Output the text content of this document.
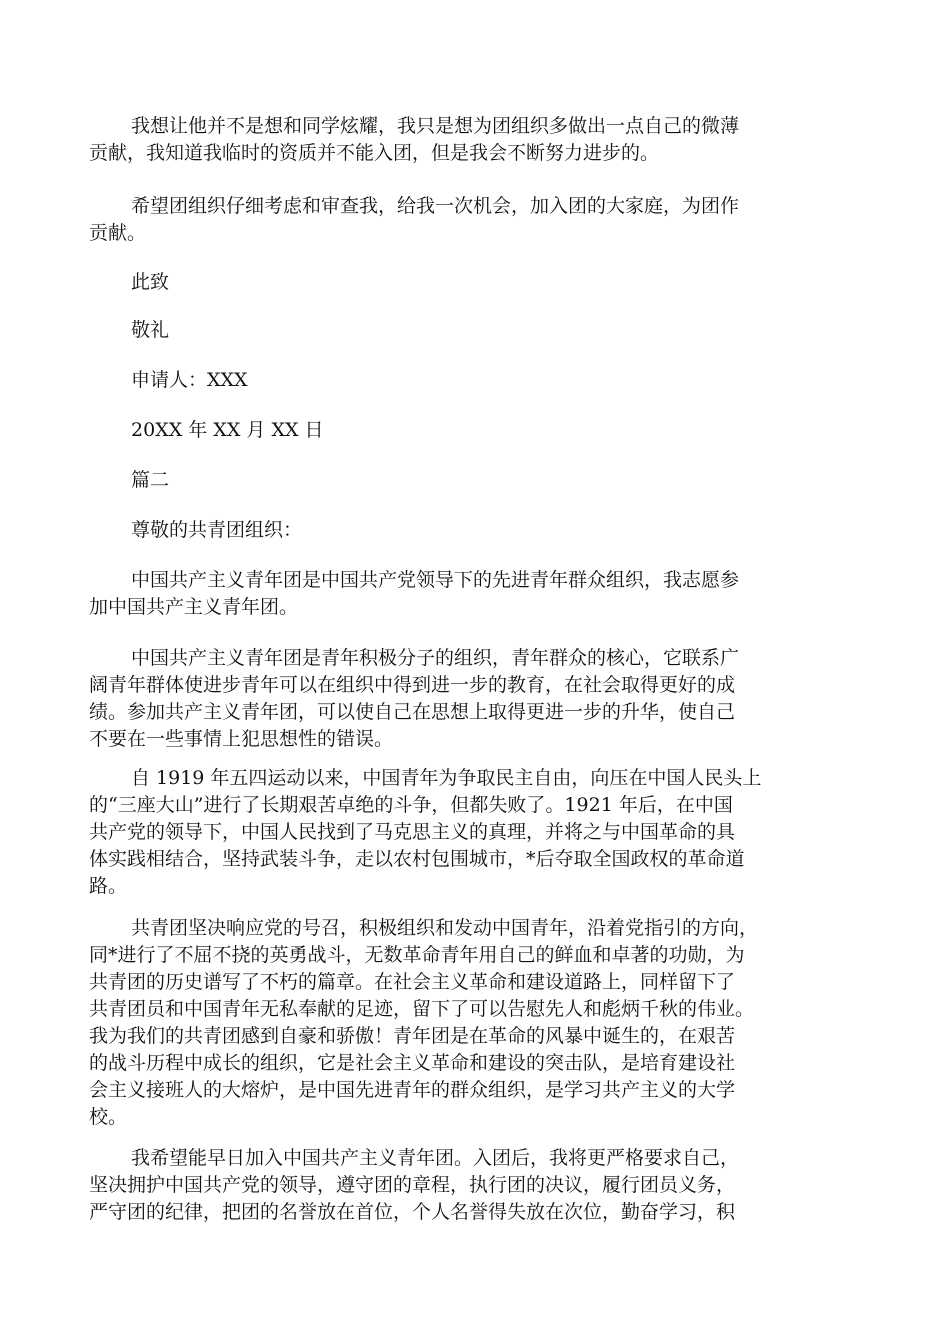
我想让他并不是想和同学炫耀，我只是想为团组织多做出一点自己的微薄
贡献，我知道我临时的资质并不能入团，但是我会不断努力进步的。
希望团组织仔细考虑和审查我，给我一次机会，加入团的大家庭，为团作
贡献。
此致
敬礼
申请人：XXX
20XX 年 XX 月 XX 日
篇二
尊敬的共青团组织：
中国共产主义青年团是中国共产党领导下的先进青年群众组织，我志愿参
加中国共产主义青年团。
中国共产主义青年团是青年积极分子的组织，青年群众的核心，它联系广
阔青年群体使进步青年可以在组织中得到进一步的教育，在社会取得更好的成
绩。参加共产主义青年团，可以使自己在思想上取得更进一步的升华，使自己
不要在一些事情上犯思想性的错误。
自 1919 年五四运动以来，中国青年为争取民主自由，向压在中国人民头上
的“三座大山”进行了长期艰苦卓绝的斗争，但都失败了。1921 年后，在中国
共产党的领导下，中国人民找到了马克思主义的真理，并将之与中国革命的具
体实践相结合，坚持武装斗争，走以农村包围城市，*后夺取全国政权的革命道
路。
共青团坚决响应党的号召，积极组织和发动中国青年，沿着党指引的方向，
同*进行了不屈不挠的英勇战斗，无数革命青年用自己的鲜血和卓著的功勋，为
共青团的历史谱写了不朽的篇章。在社会主义革命和建设道路上，同样留下了
共青团员和中国青年无私奉献的足迹，留下了可以告慰先人和彪炳千秋的伟业。
我为我们的共青团感到自豪和骄傲！青年团是在革命的风暴中诞生的，在艰苦
的战斗历程中成长的组织，它是社会主义革命和建设的突击队，是培育建设社
会主义接班人的大熔炉，是中国先进青年的群众组织，是学习共产主义的大学
校。
我希望能早日加入中国共产主义青年团。入团后，我将更严格要求自己，
坚决拥护中国共产党的领导，遵守团的章程，执行团的决议，履行团员义务，
严守团的纪律，把团的名誉放在首位，个人名誉得失放在次位，勤奋学习，积
